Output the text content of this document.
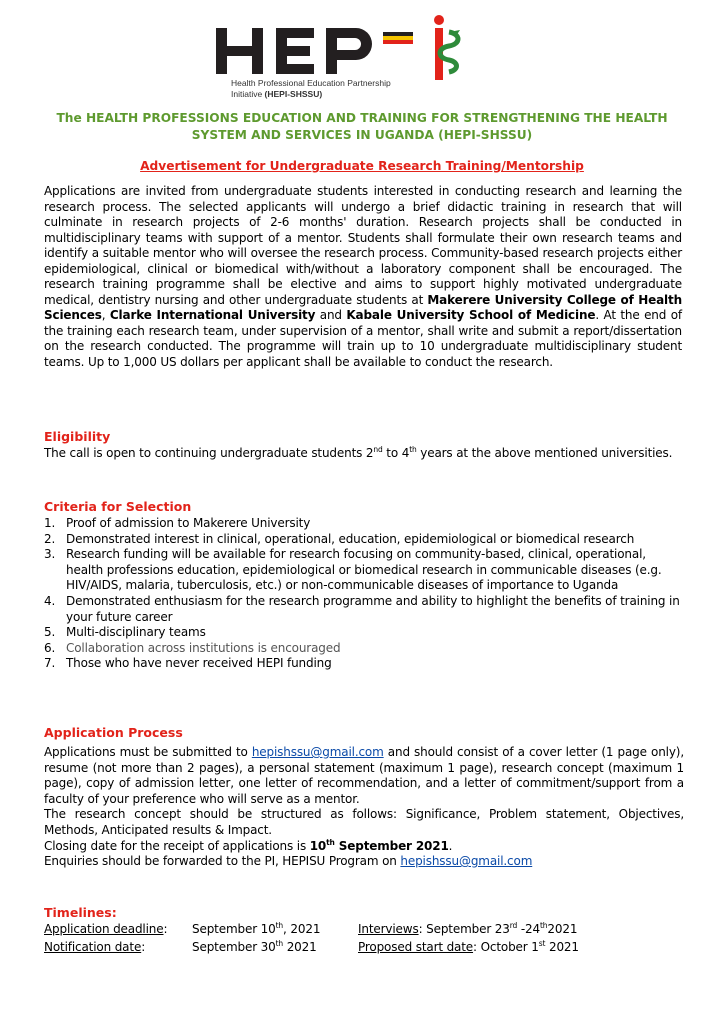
Health Professional Education Partnership
Initiative (HEPI-SHSSU)
The HEALTH PROFESSIONS EDUCATION AND TRAINING FOR STRENGTHENING THE HEALTH SYSTEM AND SERVICES IN UGANDA (HEPI-SHSSU)
Advertisement for Undergraduate Research Training/Mentorship
Applications are invited from undergraduate students interested in conducting research and learning the research process. The selected applicants will undergo a brief didactic training in research that will culminate in research projects of 2-6 months' duration. Research projects shall be conducted in multidisciplinary teams with support of a mentor. Students shall formulate their own research teams and identify a suitable mentor who will oversee the research process. Community-based research projects either epidemiological, clinical or biomedical with/without a laboratory component shall be encouraged. The research training programme shall be elective and aims to support highly motivated undergraduate medical, dentistry nursing and other undergraduate students at Makerere University College of Health Sciences, Clarke International University and Kabale University School of Medicine. At the end of the training each research team, under supervision of a mentor, shall write and submit a report/dissertation on the research conducted. The programme will train up to 10 undergraduate multidisciplinary student teams. Up to 1,000 US dollars per applicant shall be available to conduct the research.
Eligibility
The call is open to continuing undergraduate students 2nd to 4th years at the above mentioned universities.
Criteria for Selection
1. Proof of admission to Makerere University
2. Demonstrated interest in clinical, operational, education, epidemiological or biomedical research
3. Research funding will be available for research focusing on community-based, clinical, operational, health professions education, epidemiological or biomedical research in communicable diseases (e.g. HIV/AIDS, malaria, tuberculosis, etc.) or non-communicable diseases of importance to Uganda
4. Demonstrated enthusiasm for the research programme and ability to highlight the benefits of training in your future career
5. Multi-disciplinary teams
6. Collaboration across institutions is encouraged
7. Those who have never received HEPI funding
Application Process
Applications must be submitted to hepishssu@gmail.com and should consist of a cover letter (1 page only), resume (not more than 2 pages), a personal statement (maximum 1 page), research concept (maximum 1 page), copy of admission letter, one letter of recommendation, and a letter of commitment/support from a faculty of your preference who will serve as a mentor.
The research concept should be structured as follows: Significance, Problem statement, Objectives, Methods, Anticipated results & Impact.
Closing date for the receipt of applications is 10th September 2021.
Enquiries should be forwarded to the PI, HEPISU Program on hepishssu@gmail.com
Timelines:
Application deadline: September 10th, 2021	Interviews: September 23rd -24th2021
Notification date:	September 30th 2021	Proposed start date: October 1st 2021
